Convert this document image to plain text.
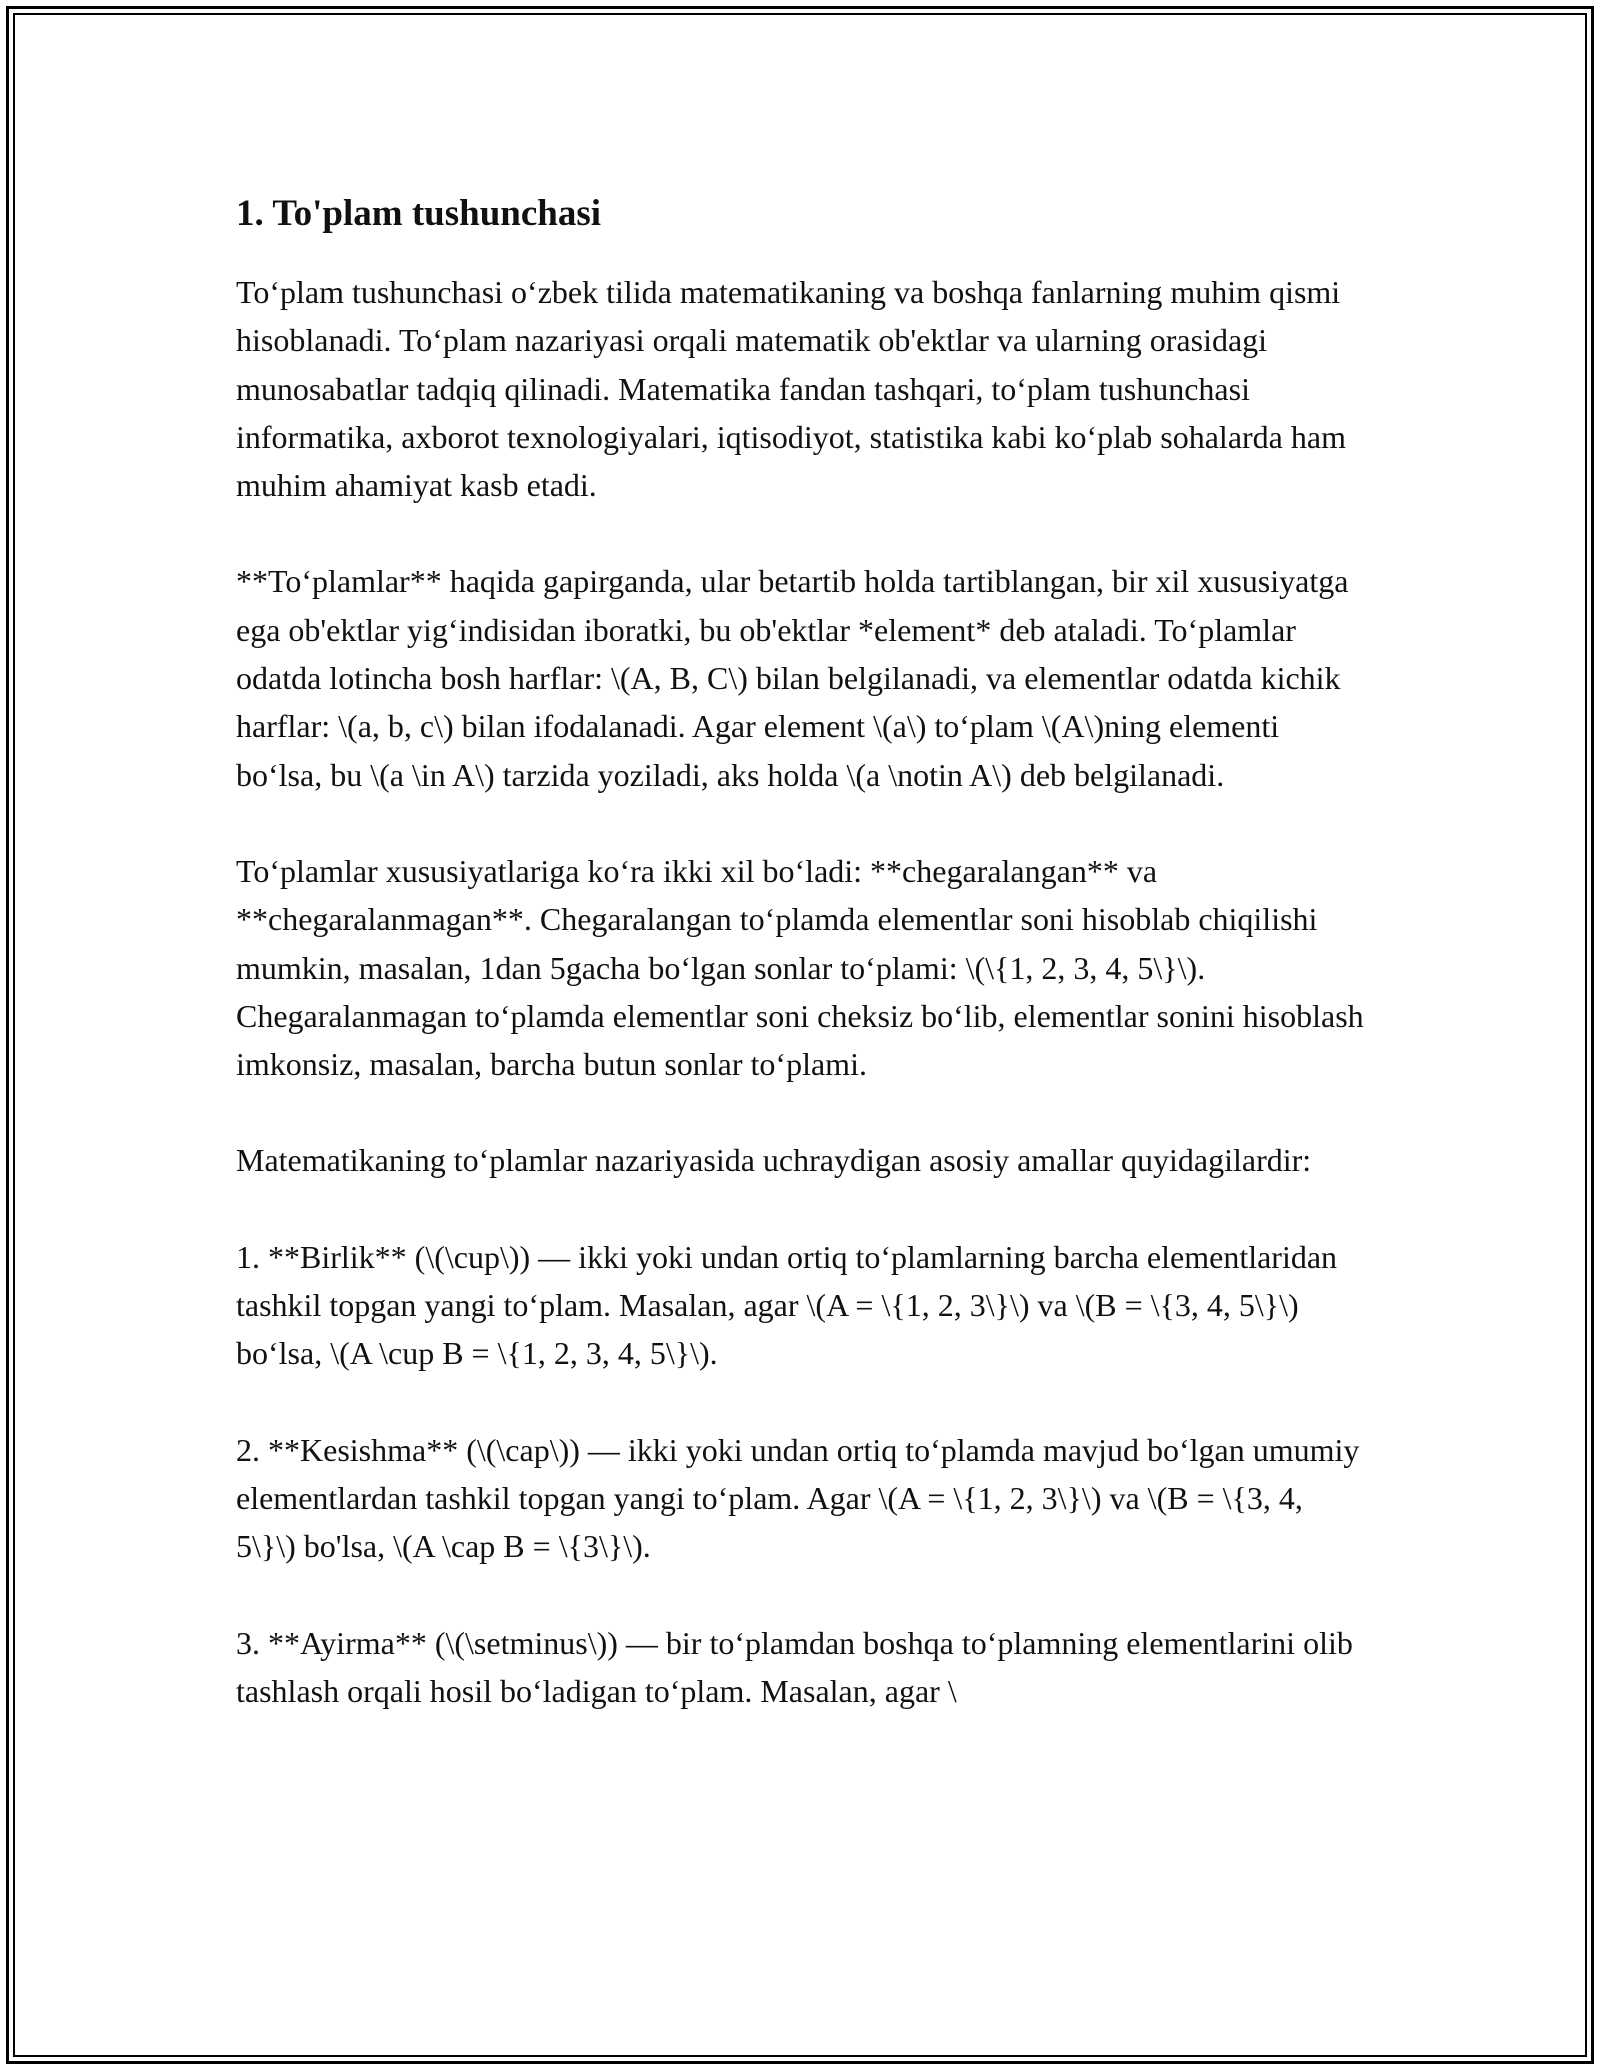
1. To'plam tushunchasi

To‘plam tushunchasi o‘zbek tilida matematikaning va boshqa fanlarning muhim qismi hisoblanadi. To‘plam nazariyasi orqali matematik ob'ektlar va ularning orasidagi munosabatlar tadqiq qilinadi. Matematika fandan tashqari, to‘plam tushunchasi informatika, axborot texnologiyalari, iqtisodiyot, statistika kabi ko‘plab sohalarda ham muhim ahamiyat kasb etadi.

**To‘plamlar** haqida gapirganda, ular betartib holda tartiblangan, bir xil xususiyatga ega ob'ektlar yig‘indisidan iboratki, bu ob'ektlar *element* deb ataladi. To‘plamlar odatda lotincha bosh harflar: \(A, B, C\) bilan belgilanadi, va elementlar odatda kichik harflar: \(a, b, c\) bilan ifodalanadi. Agar element \(a\) to‘plam \(A\)ning elementi bo‘lsa, bu \(a \in A\) tarzida yoziladi, aks holda \(a \notin A\) deb belgilanadi.

To‘plamlar xususiyatlariga ko‘ra ikki xil bo‘ladi: **chegaralangan** va **chegaralanmagan**. Chegaralangan to‘plamda elementlar soni hisoblab chiqilishi mumkin, masalan, 1dan 5gacha bo‘lgan sonlar to‘plami: \(\{1, 2, 3, 4, 5\}\). Chegaralanmagan to‘plamda elementlar soni cheksiz bo‘lib, elementlar sonini hisoblash imkonsiz, masalan, barcha butun sonlar to‘plami.

Matematikaning to‘plamlar nazariyasida uchraydigan asosiy amallar quyidagilardir:

1. **Birlik** (\(\cup\)) — ikki yoki undan ortiq to‘plamlarning barcha elementlaridan tashkil topgan yangi to‘plam. Masalan, agar \(A = \{1, 2, 3\}\) va \(B = \{3, 4, 5\}\) bo‘lsa, \(A \cup B = \{1, 2, 3, 4, 5\}\).

2. **Kesishma** (\(\cap\)) — ikki yoki undan ortiq to‘plamda mavjud bo‘lgan umumiy elementlardan tashkil topgan yangi to‘plam. Agar \(A = \{1, 2, 3\}\) va \(B = \{3, 4, 5\}\) bo'lsa, \(A \cap B = \{3\}\).

3. **Ayirma** (\(\setminus\)) — bir to‘plamdan boshqa to‘plamning elementlarini olib tashlash orqali hosil bo‘ladigan to‘plam. Masalan, agar \
